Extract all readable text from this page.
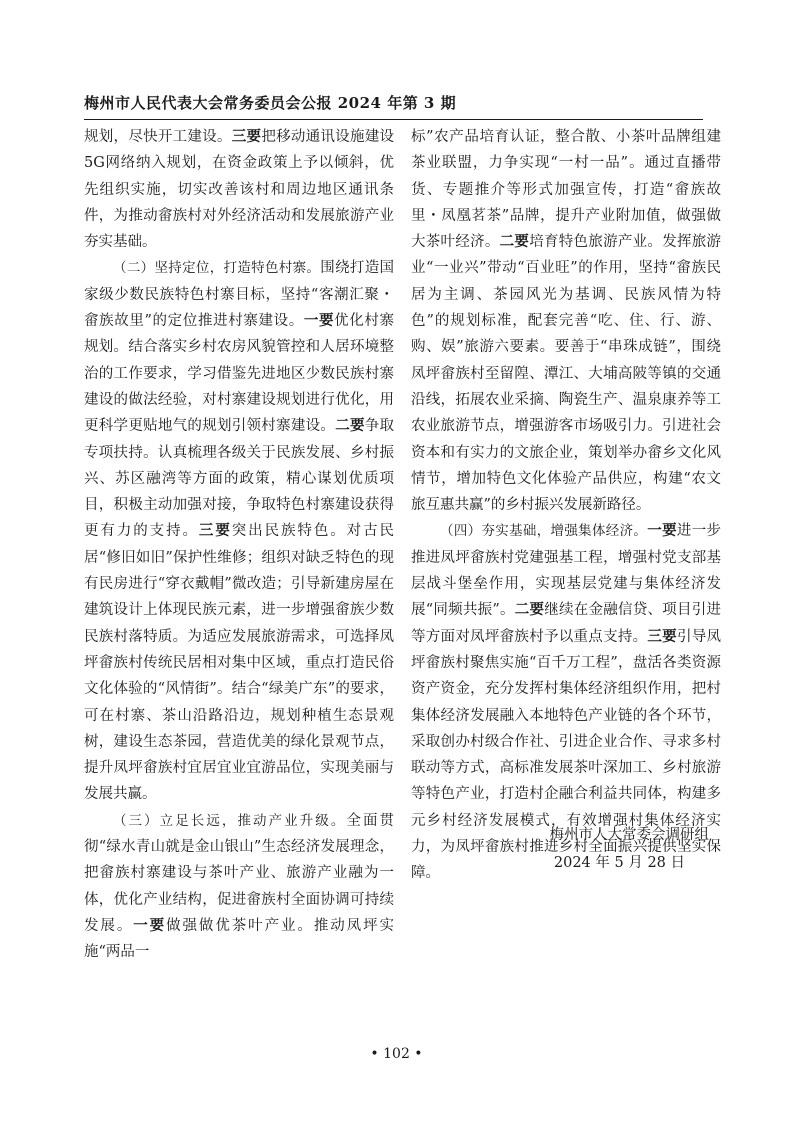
梅州市人民代表大会常务委员会公报 2024 年第 3 期

规划，尽快开工建设。三要把移动通讯设施建设5G网络纳入规划，在资金政策上予以倾斜，优先组织实施，切实改善该村和周边地区通讯条件，为推动畲族村对外经济活动和发展旅游产业夯实基础。

（二）坚持定位，打造特色村寨。围绕打造国家级少数民族特色村寨目标，坚持“客潮汇聚・畲族故里”的定位推进村寨建设。一要优化村寨规划。结合落实乡村农房风貌管控和人居环境整治的工作要求，学习借鉴先进地区少数民族村寨建设的做法经验，对村寨建设规划进行优化，用更科学更贴地气的规划引领村寨建设。二要争取专项扶持。认真梳理各级关于民族发展、乡村振兴、苏区融湾等方面的政策，精心谋划优质项目，积极主动加强对接，争取特色村寨建设获得更有力的支持。三要突出民族特色。对古民居“修旧如旧”保护性维修；组织对缺乏特色的现有民房进行“穿衣戴帽”微改造；引导新建房屋在建筑设计上体现民族元素，进一步增强畲族少数民族村落特质。为适应发展旅游需求，可选择凤坪畲族村传统民居相对集中区域，重点打造民俗文化体验的“风情街”。结合“绿美广东”的要求，可在村寨、茶山沿路沿边，规划种植生态景观树，建设生态茶园，营造优美的绿化景观节点，提升凤坪畲族村宜居宜业宜游品位，实现美丽与发展共赢。

（三）立足长远，推动产业升级。全面贯彻“绿水青山就是金山银山”生态经济发展理念，把畲族村寨建设与茶叶产业、旅游产业融为一体，优化产业结构，促进畲族村全面协调可持续发展。一要做强做优茶叶产业。推动凤坪实施“两品一

标”农产品培育认证，整合散、小茶叶品牌组建茶业联盟，力争实现“一村一品”。通过直播带货、专题推介等形式加强宣传，打造“畲族故里・凤凰茗茶”品牌，提升产业附加值，做强做大茶叶经济。二要培育特色旅游产业。发挥旅游业“一业兴”带动“百业旺”的作用，坚持“畲族民居为主调、茶园风光为基调、民族风情为特色”的规划标准，配套完善“吃、住、行、游、购、娱”旅游六要素。要善于“串珠成链”，围绕凤坪畲族村至留隍、潭江、大埔高陂等镇的交通沿线，拓展农业采摘、陶瓷生产、温泉康养等工农业旅游节点，增强游客市场吸引力。引进社会资本和有实力的文旅企业，策划举办畲乡文化风情节，增加特色文化体验产品供应，构建“农文旅互惠共赢”的乡村振兴发展新路径。

（四）夯实基础，增强集体经济。一要进一步推进凤坪畲族村党建强基工程，增强村党支部基层战斗堡垒作用，实现基层党建与集体经济发展“同频共振”。二要继续在金融信贷、项目引进等方面对凤坪畲族村予以重点支持。三要引导凤坪畲族村聚焦实施“百千万工程”，盘活各类资源资产资金，充分发挥村集体经济组织作用，把村集体经济发展融入本地特色产业链的各个环节，采取创办村级合作社、引进企业合作、寻求多村联动等方式，高标准发展茶叶深加工、乡村旅游等特色产业，打造村企融合利益共同体，构建多元乡村经济发展模式，有效增强村集体经济实力，为凤坪畲族村推进乡村全面振兴提供坚实保障。

梅州市人大常委会调研组
2024 年 5 月 28 日
• 102 •
